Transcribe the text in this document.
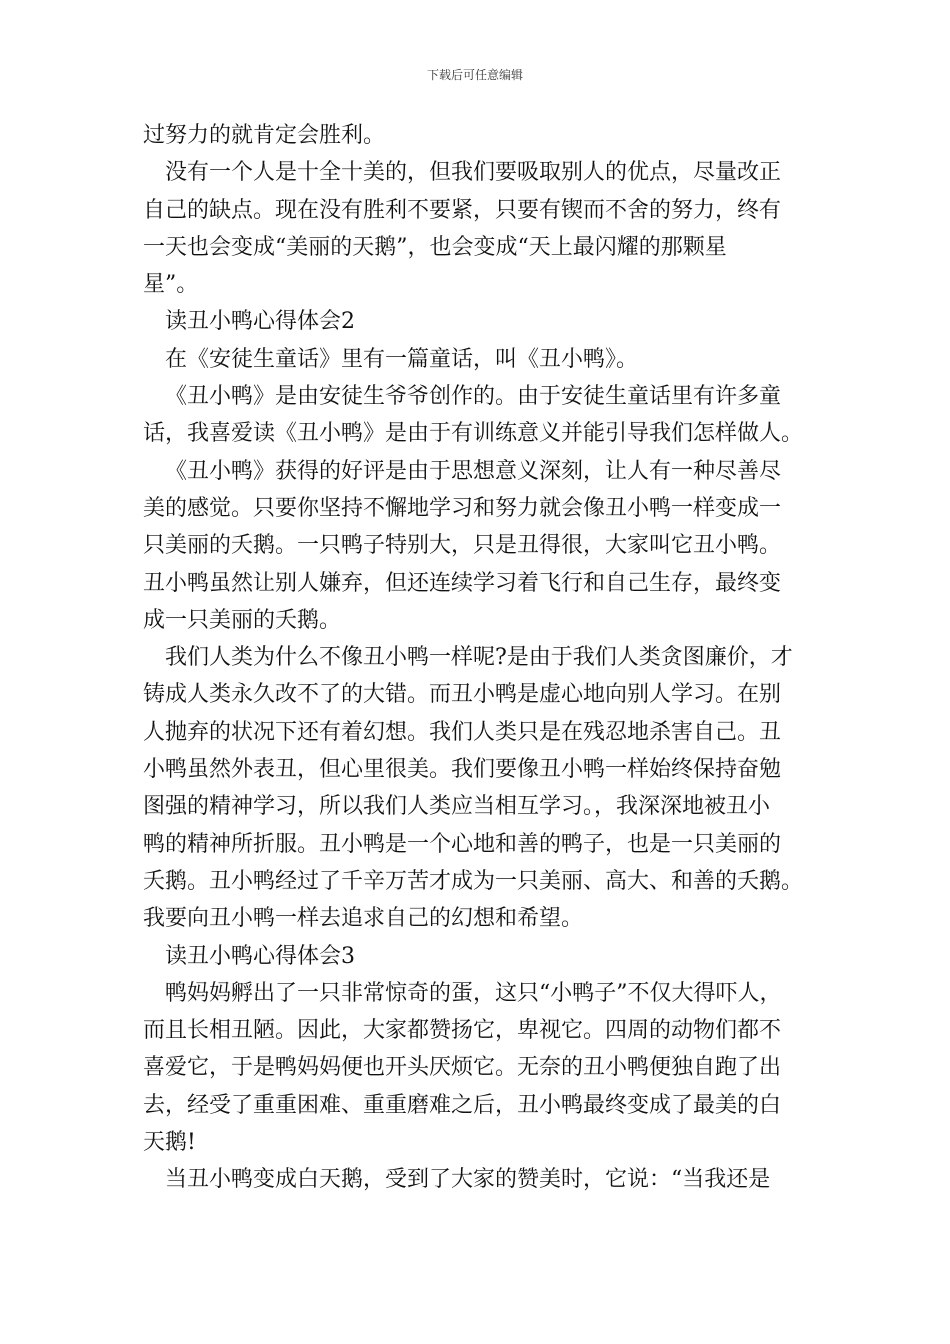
下载后可任意编辑
过努力的就肯定会胜利。
没有一个人是十全十美的，但我们要吸取别人的优点，尽量改正
自己的缺点。现在没有胜利不要紧，只要有锲而不舍的努力，终有
一天也会变成“美丽的天鹅”，也会变成“天上最闪耀的那颗星
星”。
读丑小鸭心得体会2
在《安徒生童话》里有一篇童话，叫《丑小鸭》。
《丑小鸭》是由安徒生爷爷创作的。由于安徒生童话里有许多童
话，我喜爱读《丑小鸭》是由于有训练意义并能引导我们怎样做人。
《丑小鸭》获得的好评是由于思想意义深刻，让人有一种尽善尽
美的感觉。只要你坚持不懈地学习和努力就会像丑小鸭一样变成一
只美丽的夭鹅。一只鸭子特别大，只是丑得很，大家叫它丑小鸭。
丑小鸭虽然让别人嫌弃，但还连续学习着飞行和自己生存，最终变
成一只美丽的夭鹅。
我们人类为什么不像丑小鸭一样呢?是由于我们人类贪图廉价，才
铸成人类永久改不了的大错。而丑小鸭是虚心地向别人学习。在别
人抛弃的状况下还有着幻想。我们人类只是在残忍地杀害自己。丑
小鸭虽然外表丑，但心里很美。我们要像丑小鸭一样始终保持奋勉
图强的精神学习，所以我们人类应当相互学习。，我深深地被丑小
鸭的精神所折服。丑小鸭是一个心地和善的鸭子，也是一只美丽的
夭鹅。丑小鸭经过了千辛万苦才成为一只美丽、高大、和善的夭鹅。
我要向丑小鸭一样去追求自己的幻想和希望。
读丑小鸭心得体会3
鸭妈妈孵出了一只非常惊奇的蛋，这只“小鸭子”不仅大得吓人，
而且长相丑陋。因此，大家都赞扬它，卑视它。四周的动物们都不
喜爱它，于是鸭妈妈便也开头厌烦它。无奈的丑小鸭便独自跑了出
去，经受了重重困难、重重磨难之后，丑小鸭最终变成了最美的白
天鹅!
当丑小鸭变成白天鹅，受到了大家的赞美时，它说：“当我还是
